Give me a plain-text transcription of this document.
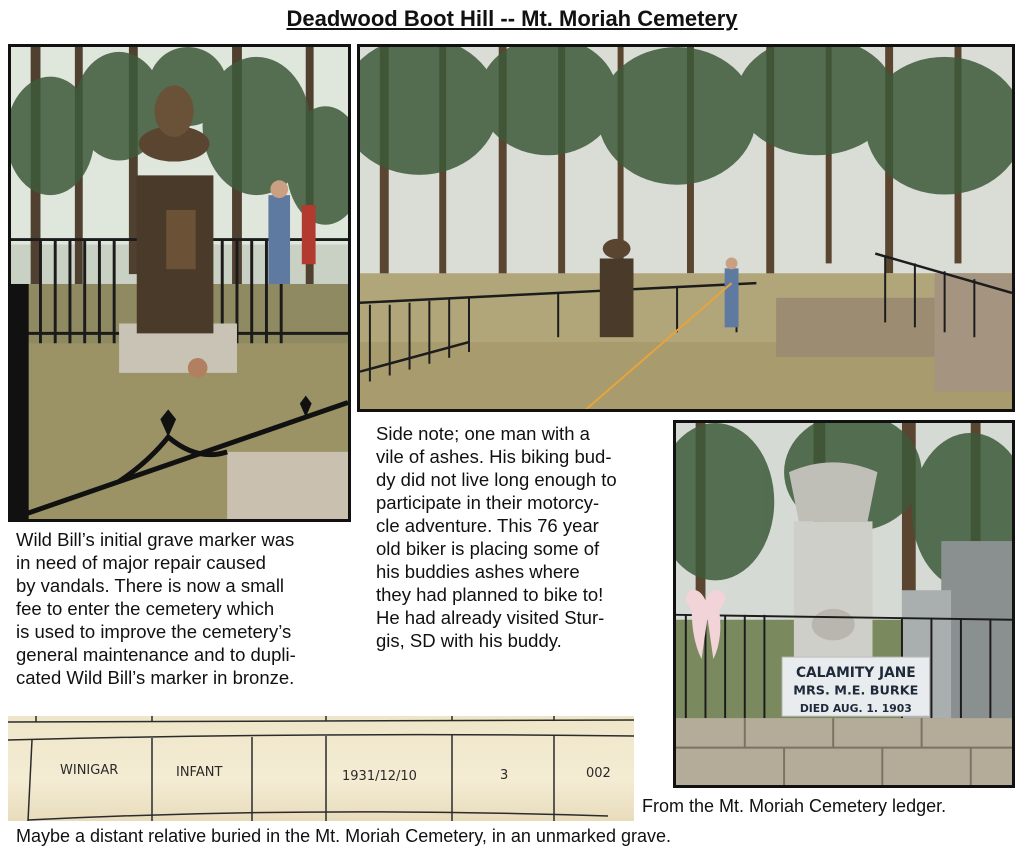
Deadwood Boot Hill -- Mt. Moriah Cemetery
CALAMITY JANE
MRS. M.E. BURKE
DIED AUG. 1. 1903
Wild Bill’s initial grave marker was
in need of major repair caused
by vandals. There is now a small
fee to enter the cemetery which
is used to improve the cemetery’s
general maintenance and to dupli-
cated Wild Bill’s marker in bronze.
Side note; one man with a
vile of ashes. His biking bud-
dy did not live long enough to
participate in their motorcy-
cle adventure. This 76 year
old biker is placing some of
his buddies ashes where
they had planned to bike to!
He had already visited Stur-
gis, SD with his buddy.
WINIGAR	INFANT	1931/12/10	3	002
From the Mt. Moriah Cemetery ledger.
Maybe a distant relative buried in the Mt. Moriah Cemetery, in an unmarked grave.
